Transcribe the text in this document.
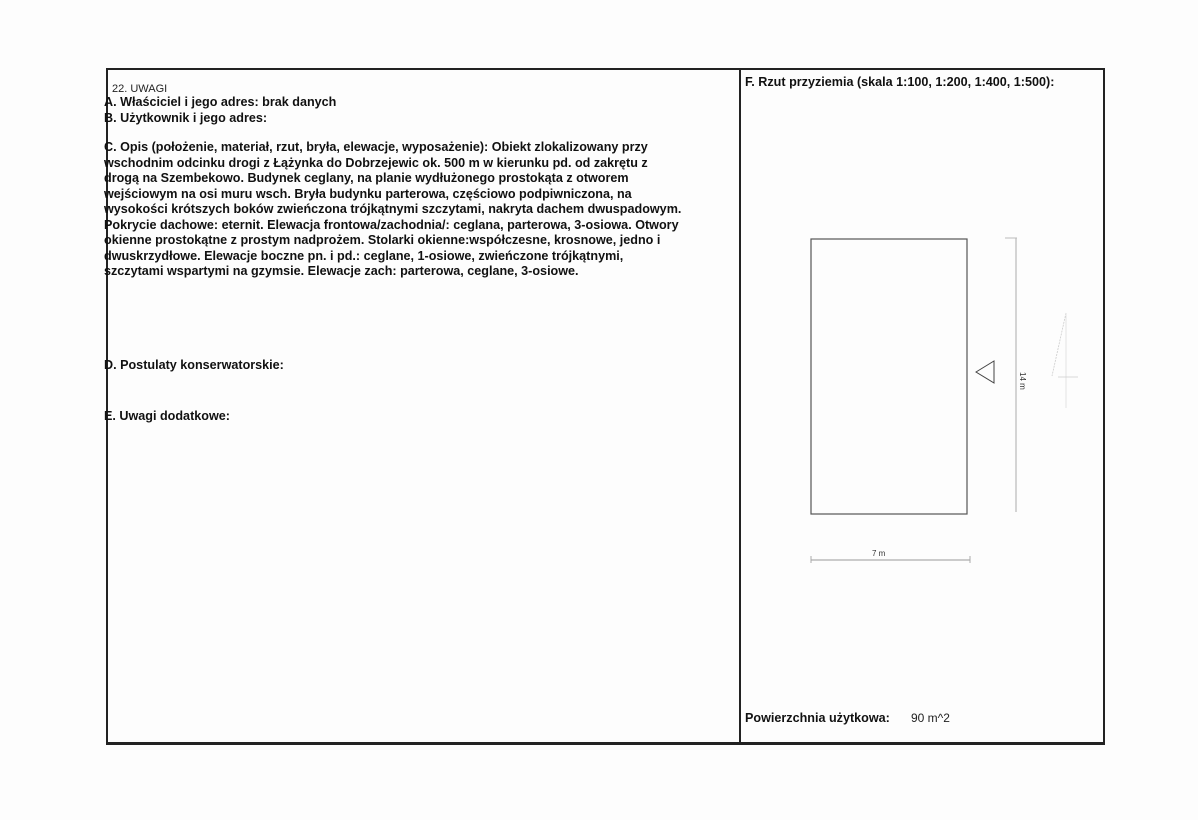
22. UWAGI
A. Właściciel i jego adres: brak danych
B. Użytkownik i jego adres:
C. Opis (położenie, materiał, rzut, bryła, elewacje, wyposażenie): Obiekt zlokalizowany przy
wschodnim odcinku drogi z Łążynka do Dobrzejewic ok. 500 m w kierunku pd. od zakrętu z
drogą na Szembekowo. Budynek ceglany, na planie wydłużonego prostokąta z otworem
wejściowym na osi muru wsch. Bryła budynku parterowa, częściowo podpiwniczona, na
wysokości krótszych boków zwieńczona trójkątnymi szczytami, nakryta dachem dwuspadowym.
Pokrycie dachowe: eternit. Elewacja frontowa/zachodnia/: ceglana, parterowa, 3-osiowa. Otwory
okienne prostokątne z prostym nadprożem. Stolarki okienne:współczesne, krosnowe, jedno i
dwuskrzydłowe. Elewacje boczne pn. i pd.: ceglane, 1-osiowe, zwieńczone trójkątnymi,
szczytami wspartymi na gzymsie. Elewacje zach: parterowa, ceglane, 3-osiowe.
D. Postulaty konserwatorskie:
E. Uwagi dodatkowe:
F. Rzut przyziemia (skala 1:100, 1:200, 1:400, 1:500):
14 m
7 m
Powierzchnia użytkowa: 90 m^2
